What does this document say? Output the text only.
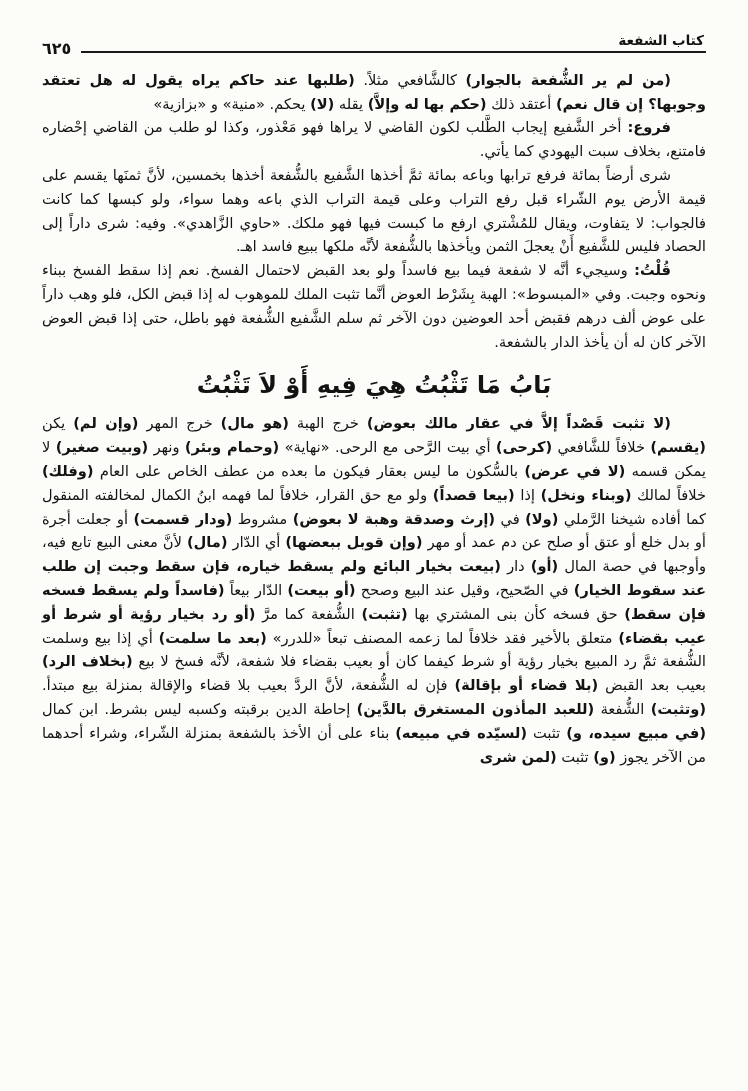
كتاب الشفعة
٦٢٥

(من لم ير الشُّفعة بالجوار) كالشَّافعي مثلاً. (طلبها عند حاكم يراه يقول له هل تعتقد وجوبها؟ إن قال نعم) أعتقد ذلك (حكم بها له وإلاَّ) يقله (لا) يحكم. «منية» و «بزازية»

فروع: أخر الشَّفيع إيجاب الطَّلب لكون القاضي لا يراها فهو مَعْذور، وكذا لو طلب من القاضي إحْضاره فامتنع، بخلاف سبت اليهودي كما يأتي.

شرى أرضاً بمائة فرفع ترابها وباعه بمائة ثمَّ أخذها الشَّفيع بالشُّفعة أخذها بخمسين، لأنَّ ثمنَها يقسم على قيمة الأرض يوم الشّراء قبل رفع التراب وعلى قيمة التراب الذي باعه وهما سواء، ولو كبسها كما كانت فالجواب: لا يتفاوت، ويقال للمُشْتري ارفع ما كبست فيها فهو ملكك. «حاوي الزَّاهدي». وفيه: شرى داراً إلى الحصاد فليس للشَّفيع أَنْ يعجلَ الثمن ويأخذها بالشُّفعة لأنَّه ملكها ببيع فاسد اهـ.

قُلْتُ: وسيجيء أنَّه لا شفعة فيما بيع فاسداً ولو بعد القبض لاحتمال الفسخ. نعم إذا سقط الفسخ ببناء ونحوه وجبت. وفي «المبسوط»: الهبة بِشَرْط العوض أنَّما تثبت الملك للموهوب له إذا قبض الكل، فلو وهب داراً على عوض ألف درهم فقبض أحد العوضين دون الآخر ثم سلم الشَّفيع الشُّفعة فهو باطل، حتى إذا قبض العوض الآخر كان له أن يأخذ الدار بالشفعة.

بَابُ مَا تَثْبُتُ هِيَ فِيهِ أَوْ لاَ تَثْبُتُ

(لا تثبت قَصْداً إلاَّ في عقار مالك بعوض) خرج الهبة (هو مال) خرج المهر (وإن لم) يكن (يقسم) خلافاً للشَّافعي (كرحى) أي بيت الرَّحى مع الرحى. «نهاية» (وحمام وبئر) ونهر (وبيت صغير) لا يمكن قسمه (لا في عرض) بالسُّكون ما ليس بعقار فيكون ما بعده من عطف الخاص على العام (وفلك) خلافاً لمالك (وبناء ونخل) إذا (بيعا قصداً) ولو مع حق القرار، خلافاً لما فهمه ابنُ الكمال لمخالفته المنقول كما أفاده شيخنا الرَّملي (ولا) في (إرث وصدقة وهبة لا بعوض) مشروط (ودار قسمت) أو جعلت أجرة أو بدل خلع أو عتق أو صلح عن دم عمد أو مهر (وإن قوبل ببعضها) أي الدّار (مال) لأنَّ معنى البيع تابع فيه، وأوجبها في حصة المال (أو) دار (بيعت بخيار البائع ولم يسقط خياره، فإن سقط وجبت إن طلب عند سقوط الخيار) في الصّحيح، وقيل عند البيع وصحح (أو بيعت) الدّار بيعاً (فاسداً ولم يسقط فسخه فإن سقط) حق فسخه كأن بنى المشتري بها (تثبت) الشُّفعة كما مرَّ (أو رد بخيار رؤية أو شرط أو عيب بقضاء) متعلق بالأخير فقد خلافاً لما زعمه المصنف تبعاً «للدرر» (بعد ما سلمت) أي إذا بيع وسلمت الشُّفعة ثمَّ رد المبيع بخيار رؤية أو شرط كيفما كان أو بعيب بقضاء فلا شفعة، لأنَّه فسخ لا بيع (بخلاف الرد) بعيب بعد القبض (بلا قضاء أو بإقالة) فإن له الشُّفعة، لأنَّ الردَّ بعيب بلا قضاء والإقالة بمنزلة بيع مبتدأ. (وتثبت) الشُّفعة (للعبد المأذون المستغرق بالدَّين) إحاطة الدين برقبته وكسبه ليس بشرط. ابن كمال (في مبيع سيده، و) تثبت (لسيّده في مبيعه) بناء على أن الأخذ بالشفعة بمنزلة الشّراء، وشراء أحدهما من الآخر يجوز (و) تثبت (لمن شرى
